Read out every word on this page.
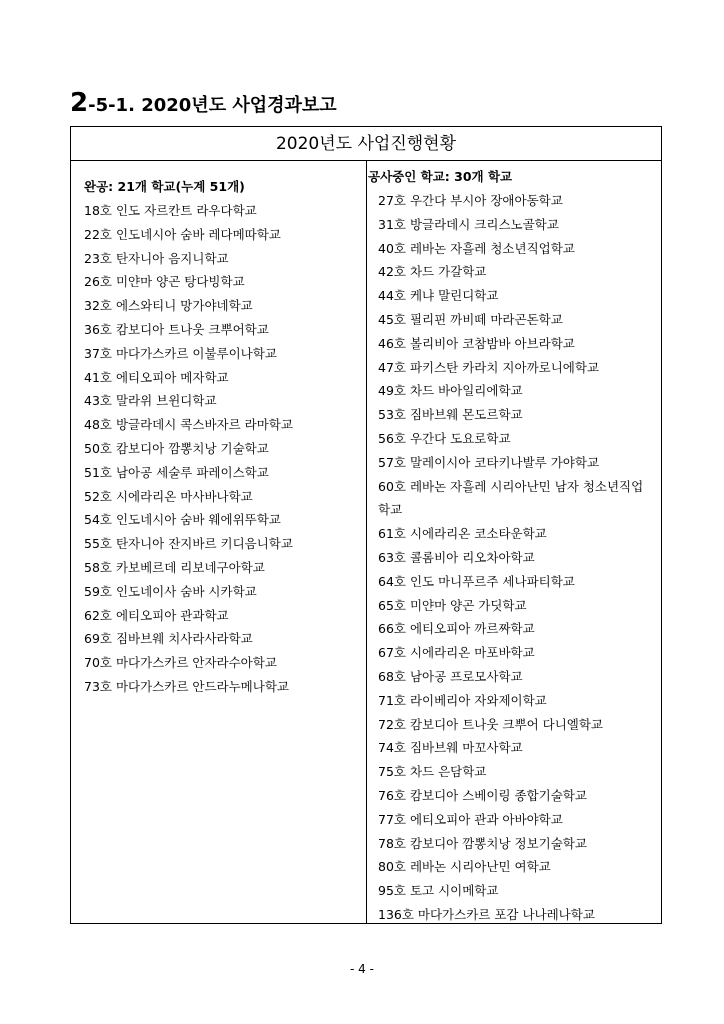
2-5-1. 2020년도 사업경과보고
2020년도 사업진행현황
완공: 21개 학교(누계 51개)
18호 인도 자르칸트 라우다학교
22호 인도네시아 숨바 레다메따학교
23호 탄자니아 음지니학교
26호 미얀마 양곤 탕다빙학교
32호 에스와티니 망가야네학교
36호 캄보디아 트나웃 크뿌어학교
37호 마다가스카르 이불루이나학교
41호 에티오피아 메자학교
43호 말라위 브윈디학교
48호 방글라데시 콕스바자르 라마학교
50호 캄보디아 깜뽕치낭 기술학교
51호 남아공 세술루 파레이스학교
52호 시에라리온 마사바나학교
54호 인도네시아 숨바 웨에위뚜학교
55호 탄자니아 잔지바르 키디음니학교
58호 카보베르데 리보네구아학교
59호 인도네이사 숨바 시카학교
62호 에티오피아 관과학교
69호 짐바브웨 치사라사라학교
70호 마다가스카르 안자라수아학교
73호 마다가스카르 안드라누메나학교
공사중인 학교: 30개 학교
27호 우간다 부시아 장애아동학교
31호 방글라데시 크리스노골학교
40호 레바논 자흘레 청소년직업학교
42호 차드 가갈학교
44호 케냐 말린디학교
45호 필리핀 까비떼 마라곤돈학교
46호 볼리비아 코참밤바 아브라학교
47호 파키스탄 카라치 지아까로니에학교
49호 차드 바아일리에학교
53호 짐바브웨 몬도르학교
56호 우간다 도요로학교
57호 말레이시아 코타키나발루 가야학교
60호 레바논 자흘레 시리아난민 남자 청소년직업학교
61호 시에라리온 코소타운학교
63호 콜롬비아 리오차아학교
64호 인도 마니푸르주 세나파티학교
65호 미얀마 양곤 가딧학교
66호 에티오피아 까르짜학교
67호 시에라리온 마포바학교
68호 남아공 프로모사학교
71호 라이베리아 자와제이학교
72호 캄보디아 트나웃 크뿌어 다니엘학교
74호 짐바브웨 마꼬사학교
75호 차드 은담학교
76호 캄보디아 스베이링 종합기술학교
77호 에티오피아 관과 아바야학교
78호 캄보디아 깜뽕치낭 정보기술학교
80호 레바논 시리아난민 여학교
95호 토고 시이메학교
136호 마다가스카르 포감 나나레나학교
- 4 -
